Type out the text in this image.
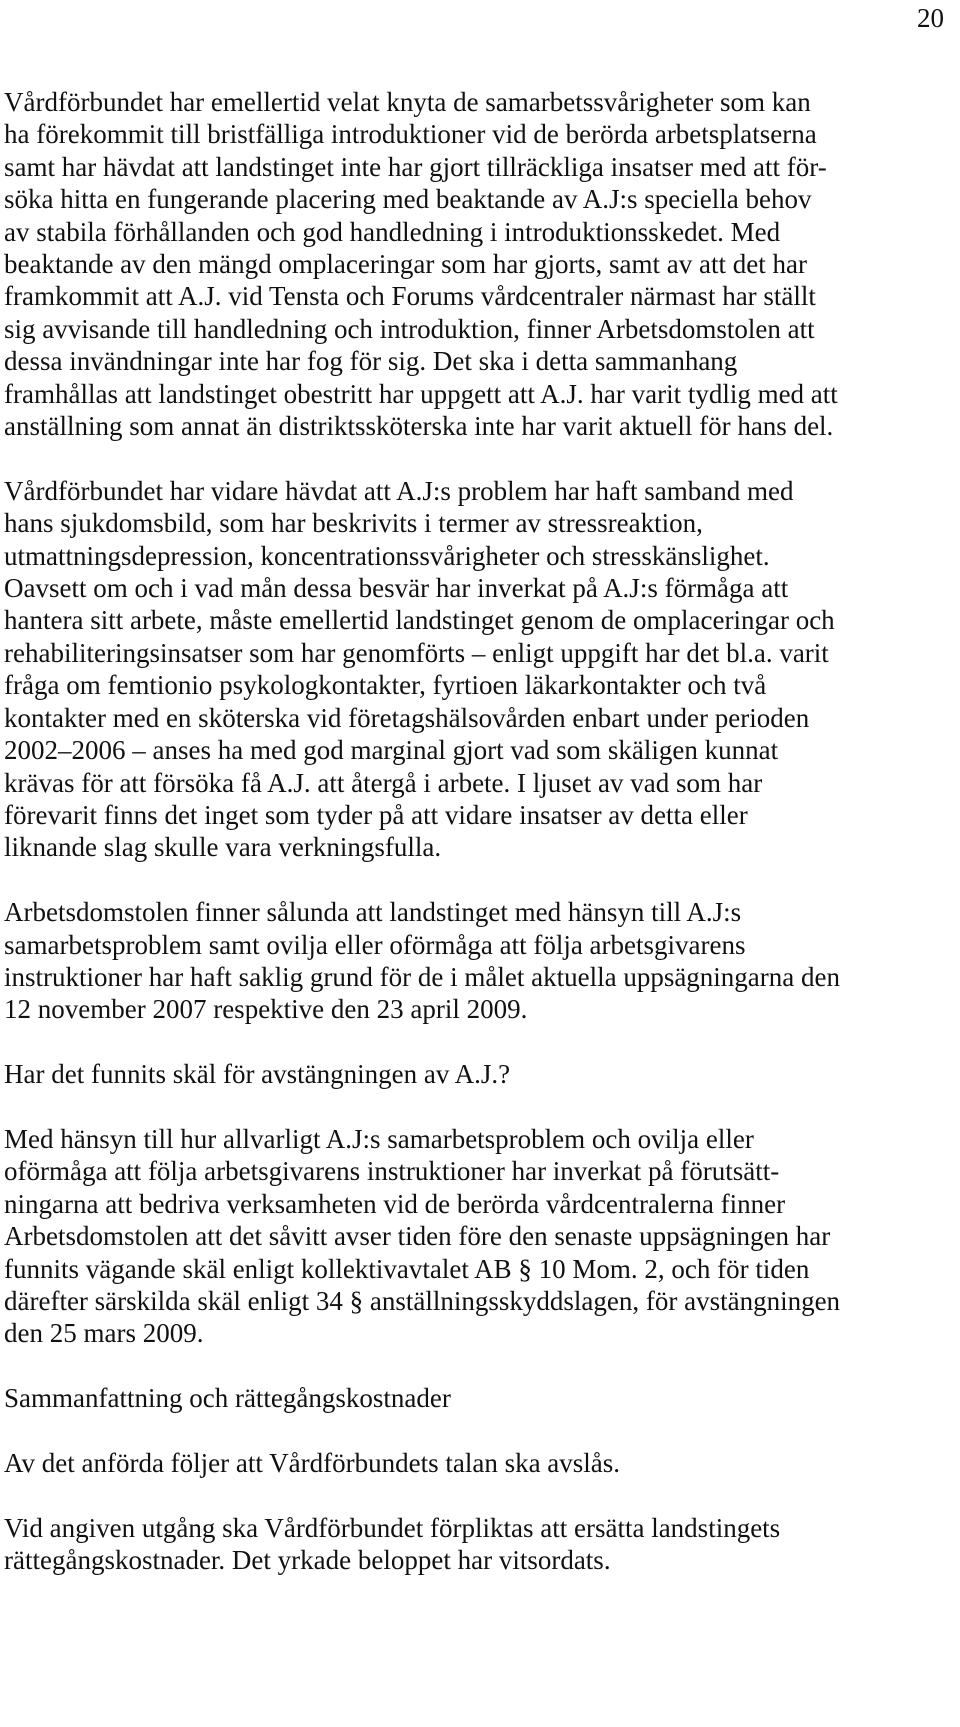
20
Vårdförbundet har emellertid velat knyta de samarbetssvårigheter som kan
ha förekommit till bristfälliga introduktioner vid de berörda arbetsplatserna
samt har hävdat att landstinget inte har gjort tillräckliga insatser med att för-
söka hitta en fungerande placering med beaktande av A.J:s speciella behov
av stabila förhållanden och god handledning i introduktionsskedet. Med
beaktande av den mängd omplaceringar som har gjorts, samt av att det har
framkommit att A.J. vid Tensta och Forums vårdcentraler närmast har ställt
sig avvisande till handledning och introduktion, finner Arbetsdomstolen att
dessa invändningar inte har fog för sig. Det ska i detta sammanhang
framhållas att landstinget obestritt har uppgett att A.J. har varit tydlig med att
anställning som annat än distriktssköterska inte har varit aktuell för hans del.
Vårdförbundet har vidare hävdat att A.J:s problem har haft samband med
hans sjukdomsbild, som har beskrivits i termer av stressreaktion,
utmattningsdepression, koncentrationssvårigheter och stresskänslighet.
Oavsett om och i vad mån dessa besvär har inverkat på A.J:s förmåga att
hantera sitt arbete, måste emellertid landstinget genom de omplaceringar och
rehabiliteringsinsatser som har genomförts ‒ enligt uppgift har det bl.a. varit
fråga om femtionio psykologkontakter, fyrtioen läkarkontakter och två
kontakter med en sköterska vid företagshälsovården enbart under perioden
2002‒2006 ‒ anses ha med god marginal gjort vad som skäligen kunnat
krävas för att försöka få A.J. att återgå i arbete. I ljuset av vad som har
förevarit finns det inget som tyder på att vidare insatser av detta eller
liknande slag skulle vara verkningsfulla.
Arbetsdomstolen finner sålunda att landstinget med hänsyn till A.J:s
samarbetsproblem samt ovilja eller oförmåga att följa arbetsgivarens
instruktioner har haft saklig grund för de i målet aktuella uppsägningarna den
12 november 2007 respektive den 23 april 2009.
Har det funnits skäl för avstängningen av A.J.?
Med hänsyn till hur allvarligt A.J:s samarbetsproblem och ovilja eller
oförmåga att följa arbetsgivarens instruktioner har inverkat på förutsätt-
ningarna att bedriva verksamheten vid de berörda vårdcentralerna finner
Arbetsdomstolen att det såvitt avser tiden före den senaste uppsägningen har
funnits vägande skäl enligt kollektivavtalet AB § 10 Mom. 2, och för tiden
därefter särskilda skäl enligt 34 § anställningsskyddslagen, för avstängningen
den 25 mars 2009.
Sammanfattning och rättegångskostnader
Av det anförda följer att Vårdförbundets talan ska avslås.
Vid angiven utgång ska Vårdförbundet förpliktas att ersätta landstingets
rättegångskostnader. Det yrkade beloppet har vitsordats.
